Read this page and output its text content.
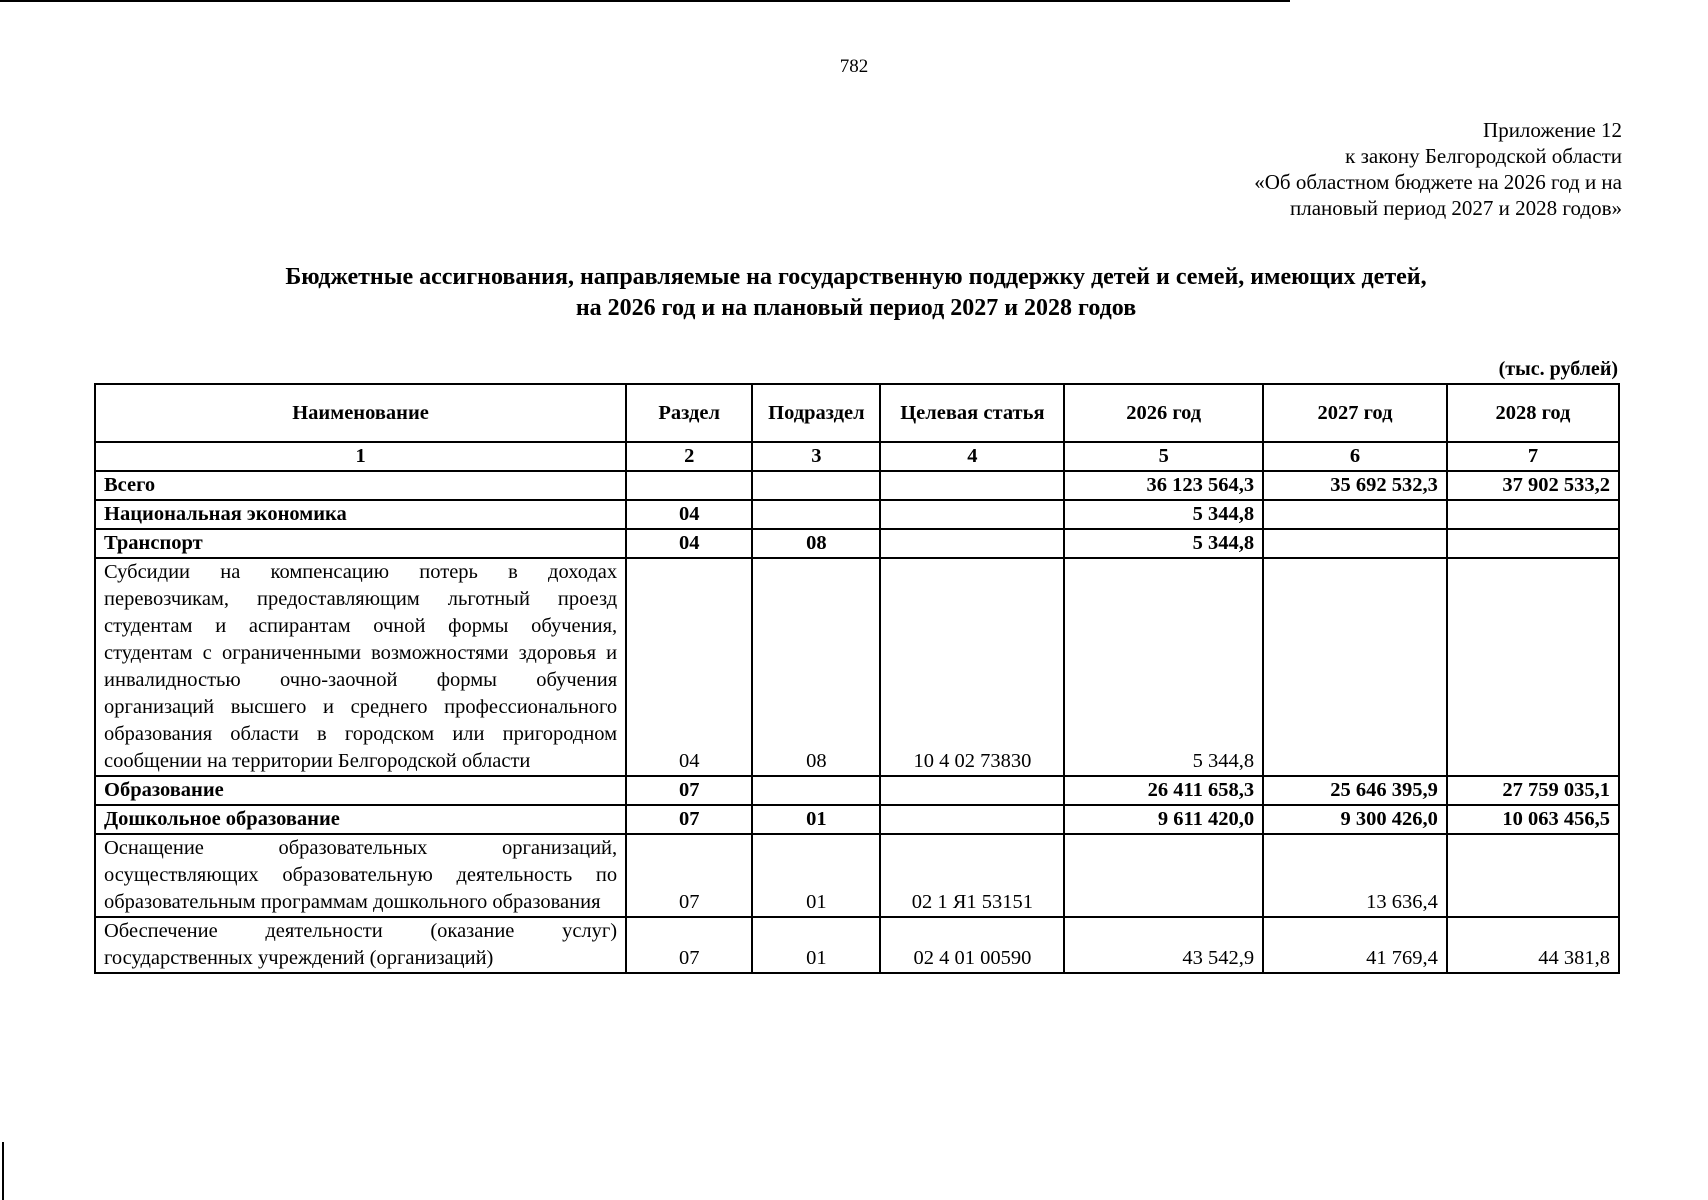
782
Приложение 12
к закону Белгородской области
«Об областном бюджете на 2026 год и на
плановый период 2027 и 2028 годов»
Бюджетные ассигнования, направляемые на государственную поддержку детей и семей, имеющих детей,
на 2026 год и на плановый период 2027 и 2028 годов
(тыс. рублей)
Наименование	Раздел	Подраздел	Целевая статья	2026 год	2027 год	2028 год
1	2	3	4	5	6	7
Всего				36 123 564,3	35 692 532,3	37 902 533,2
Национальная экономика	04			5 344,8		
Транспорт	04	08		5 344,8		
Субсидии на компенсацию потерь в доходах перевозчикам, предоставляющим льготный проезд студентам и аспирантам очной формы обучения, студентам с ограниченными возможностями здоровья и инвалидностью очно-заочной формы обучения организаций высшего и среднего профессионального образования области в городском или пригородном сообщении на территории Белгородской области	04	08	10 4 02 73830	5 344,8		
Образование	07			26 411 658,3	25 646 395,9	27 759 035,1
Дошкольное образование	07	01		9 611 420,0	9 300 426,0	10 063 456,5
Оснащение образовательных организаций, осуществляющих образовательную деятельность по образовательным программам дошкольного образования	07	01	02 1 Я1 53151		13 636,4	
Обеспечение деятельности (оказание услуг) государственных учреждений (организаций)	07	01	02 4 01 00590	43 542,9	41 769,4	44 381,8
